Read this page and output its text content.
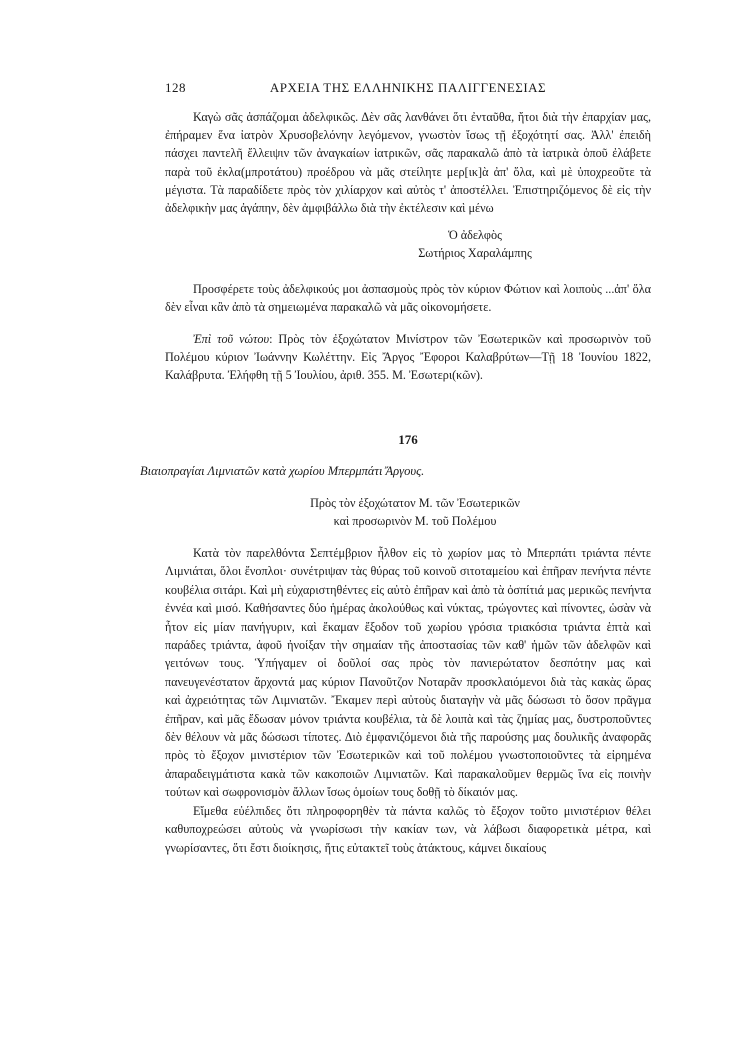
128	ΑΡΧΕΙΑ ΤΗΣ ΕΛΛΗΝΙΚΗΣ ΠΑΛΙΓΓΕΝΕΣΙΑΣ

Καγὼ σᾶς ἀσπάζομαι ἀδελφικῶς. Δὲν σᾶς λανθάνει ὅτι ἐνταῦθα, ἤτοι διὰ τὴν ἐπαρχίαν μας, ἐπήραμεν ἕνα ἰατρὸν Χρυσοβελόνην λεγόμενον, γνωστὸν ἴσως τῇ ἐξοχότητί σας. Ἀλλ' ἐπειδὴ πάσχει παντελῆ ἔλλειψιν τῶν ἀναγκαίων ἰατρικῶν, σᾶς παρακαλῶ ἀπὸ τὰ ἰατρικὰ ὁποῦ ἐλάβετε παρὰ τοῦ ἐκλα(μπροτάτου) προέδρου νὰ μᾶς στείλητε μερ[ικ]ὰ ἀπ' ὅλα, καὶ μὲ ὑποχρεοῦτε τὰ μέγιστα. Τὰ παραδίδετε πρὸς τὸν χιλίαρχον καὶ αὐτὸς τ' ἀποστέλλει. Ἐπιστηριζόμενος δὲ εἰς τὴν ἀδελφικὴν μας ἀγάπην, δὲν ἀμφιβάλλω διὰ τὴν ἐκτέλεσιν καὶ μένω

Ὁ ἀδελφὸς
Σωτήριος Χαραλάμπης

Προσφέρετε τοὺς ἀδελφικούς μοι ἀσπασμοὺς πρὸς τὸν κύριον Φώτιον καὶ λοιποὺς ...ἀπ' ὅλα δὲν εἶναι κἂν ἀπὸ τὰ σημειωμένα παρακαλῶ νὰ μᾶς οἰκονομήσετε.

Ἐπὶ τοῦ νώτου: Πρὸς τὸν ἐξοχώτατον Μινίστρον τῶν Ἐσωτερικῶν καὶ προσωρινὸν τοῦ Πολέμου κύριον Ἰωάννην Κωλέττην. Εἰς Ἄργος Ἔφοροι Καλαβρύτων—Τῇ 18 Ἰουνίου 1822, Καλάβρυτα. Ἐλήφθη τῇ 5 Ἰουλίου, ἀριθ. 355. Μ. Ἐσωτερι(κῶν).
176
Βιαιοπραγίαι Λιμνιατῶν κατὰ χωρίου Μπερμπάτι Ἄργους.
Πρὸς τὸν ἐξοχώτατον Μ. τῶν Ἐσωτερικῶν
καὶ προσωρινὸν Μ. τοῦ Πολέμου

Κατὰ τὸν παρελθόντα Σεπτέμβριον ἦλθον εἰς τὸ χωρίον μας τὸ Μπερπάτι τριάντα πέντε Λιμνιάται, ὅλοι ἔνοπλοι· συνέτριψαν τὰς θύρας τοῦ κοινοῦ σιτοταμείου καὶ ἐπῆραν πενήντα πέντε κουβέλια σιτάρι. Καὶ μὴ εὐχαριστηθέντες εἰς αὐτὸ ἐπῆραν καὶ ἀπὸ τὰ ὀσπίτιά μας μερικῶς πενήντα ἐννέα καὶ μισό. Καθήσαντες δύο ἡμέρας ἀκολούθως καὶ νύκτας, τρώγοντες καὶ πίνοντες, ὡσὰν νὰ ἦτον εἰς μίαν πανήγυριν, καὶ ἔκαμαν ἔξοδον τοῦ χωρίου γρόσια τριακόσια τριάντα ἑπτὰ καὶ παράδες τριάντα, ἀφοῦ ἠνοίξαν τὴν σημαίαν τῆς ἀποστασίας τῶν καθ' ἡμῶν τῶν ἀδελφῶν καὶ γειτόνων τους. Ὑπήγαμεν οἱ δοῦλοί σας πρὸς τὸν πανιερώτατον δεσπότην μας καὶ πανευγενέστατον ἄρχοντά μας κύριον Πανοῦτζον Νοταρᾶν προσκλαιόμενοι διὰ τὰς κακὰς ὥρας καὶ ἀχρειότητας τῶν Λιμνιατῶν. Ἔκαμεν περὶ αὐτοὺς διαταγὴν νὰ μᾶς δώσωσι τὸ ὅσον πρᾶγμα ἐπῆραν, καὶ μᾶς ἔδωσαν μόνον τριάντα κουβέλια, τὰ δὲ λοιπὰ καὶ τὰς ζημίας μας, δυστροποῦντες δὲν θέλουν νὰ μᾶς δώσωσι τίποτες. Διὸ ἐμφανιζόμενοι διὰ τῆς παρούσης μας δουλικῆς ἀναφορᾶς πρὸς τὸ ἔξοχον μινιστέριον τῶν Ἐσωτερικῶν καὶ τοῦ πολέμου γνωστοποιοῦντες τὰ εἰρημένα ἀπαραδειγμάτιστα κακὰ τῶν κακοποιῶν Λιμνιατῶν. Καὶ παρακαλοῦμεν θερμῶς ἵνα εἰς ποινὴν τούτων καὶ σωφρονισμὸν ἄλλων ἴσως ὁμοίων τους δοθῇ τὸ δίκαιόν μας.

Εἴμεθα εὐέλπιδες ὅτι πληροφορηθὲν τὰ πάντα καλῶς τὸ ἔξοχον τοῦτο μινιστέριον θέλει καθυποχρεώσει αὐτοὺς νὰ γνωρίσωσι τὴν κακίαν των, νὰ λάβωσι διαφορετικὰ μέτρα, καὶ γνωρίσαντες, ὅτι ἔστι διοίκησις, ἥτις εὐτακτεῖ τοὺς ἀτάκτους, κάμνει δικαίους
